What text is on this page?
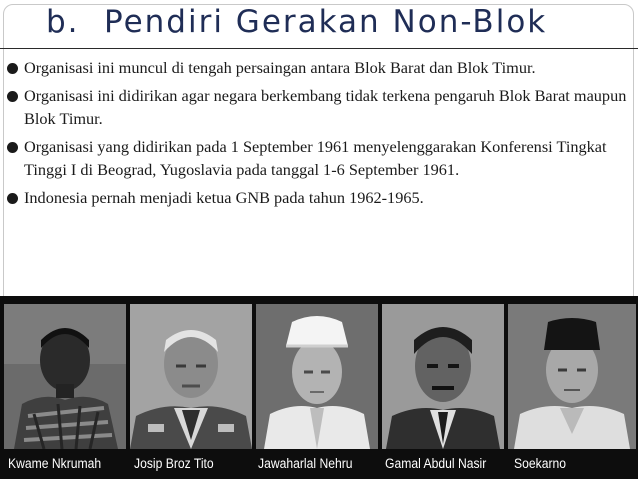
b. Pendiri Gerakan Non-Blok
Organisasi ini muncul di tengah persaingan antara Blok Barat dan Blok Timur.
Organisasi ini didirikan agar negara berkembang tidak terkena pengaruh Blok Barat maupun Blok Timur.
Organisasi yang didirikan pada 1 September 1961 menyelenggarakan Konferensi Tingkat Tinggi I di Beograd, Yugoslavia pada tanggal 1-6 September 1961.
Indonesia pernah menjadi ketua GNB pada tahun 1962-1965.
Kwame Nkrumah Josip Broz Tito	Jawaharlal Nehru Gamal Abdul Nasir Soekarno
